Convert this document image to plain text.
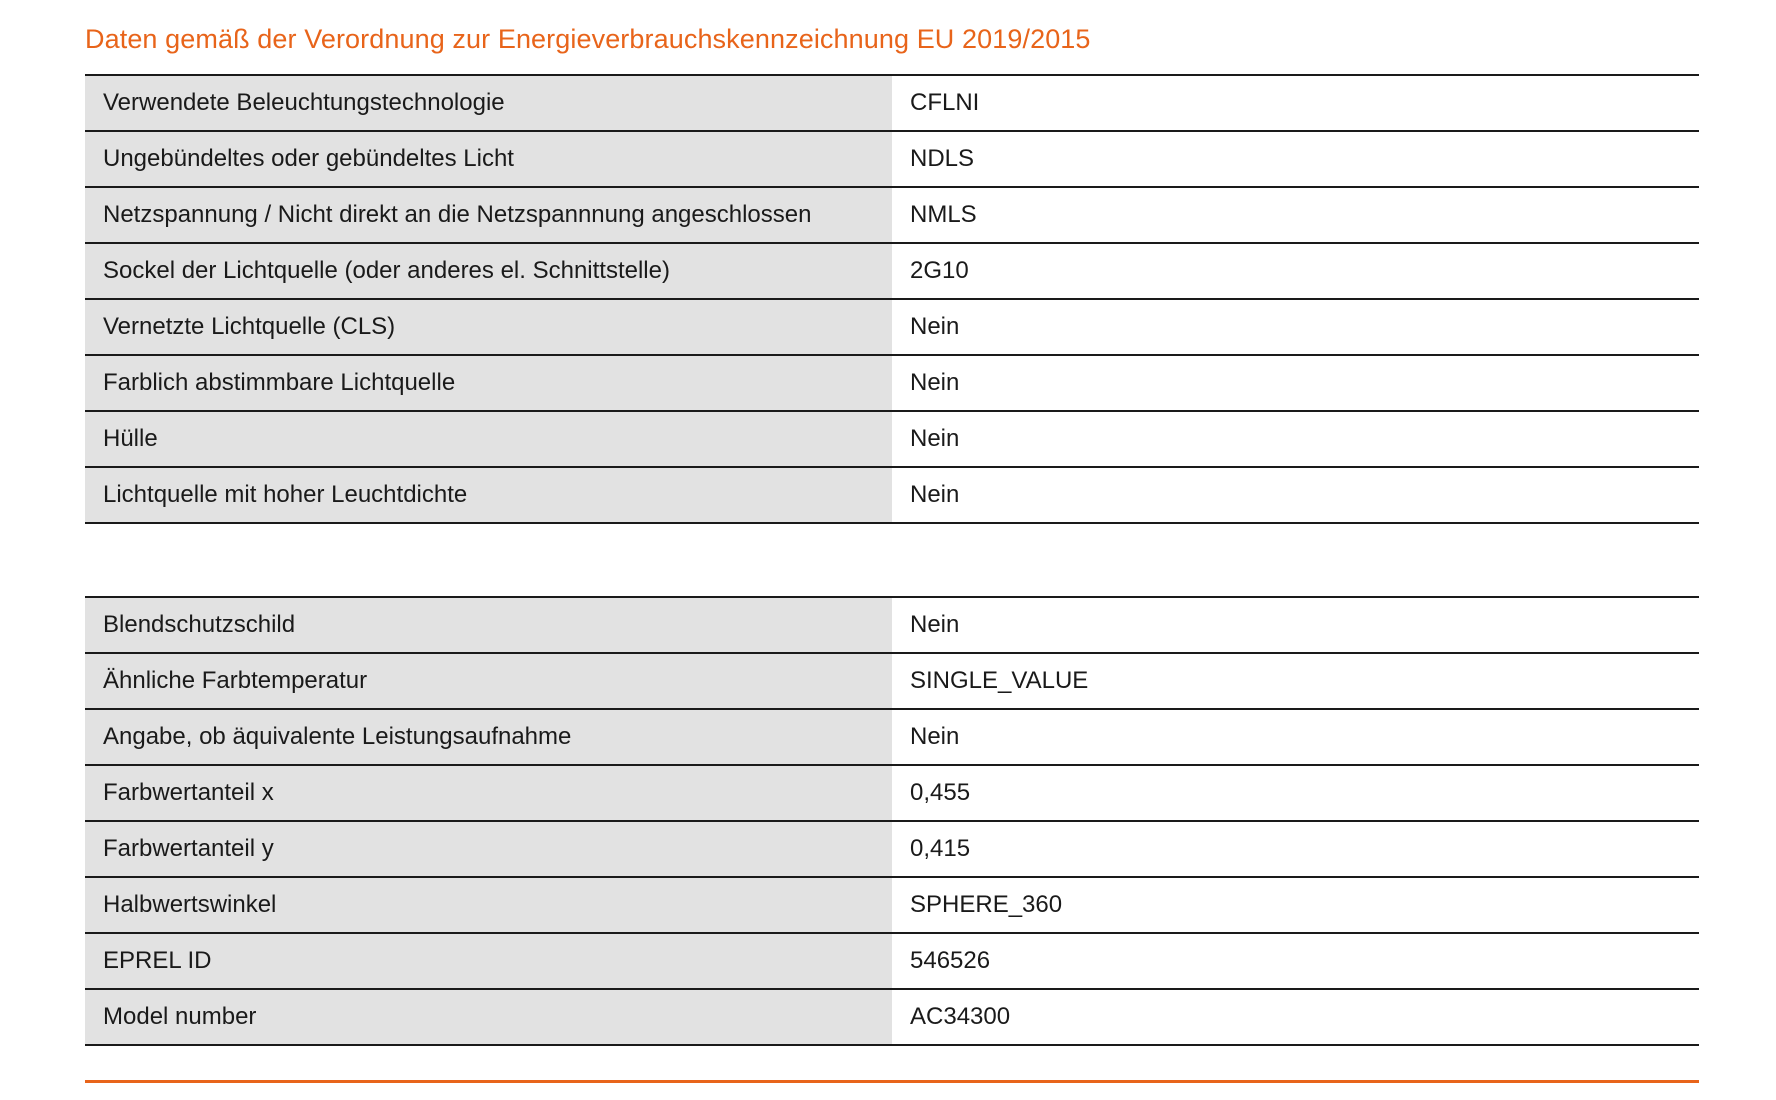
Daten gemäß der Verordnung zur Energieverbrauchskennzeichnung EU 2019/2015
Verwendete Beleuchtungstechnologie	CFLNI
Ungebündeltes oder gebündeltes Licht	NDLS
Netzspannung / Nicht direkt an die Netzspannnung angeschlossen	NMLS
Sockel der Lichtquelle (oder anderes el. Schnittstelle)	2G10
Vernetzte Lichtquelle (CLS)	Nein
Farblich abstimmbare Lichtquelle	Nein
Hülle	Nein
Lichtquelle mit hoher Leuchtdichte	Nein
Blendschutzschild	Nein
Ähnliche Farbtemperatur	SINGLE_VALUE
Angabe, ob äquivalente Leistungsaufnahme	Nein
Farbwertanteil x	0,455
Farbwertanteil y	0,415
Halbwertswinkel	SPHERE_360
EPREL ID	546526
Model number	AC34300
